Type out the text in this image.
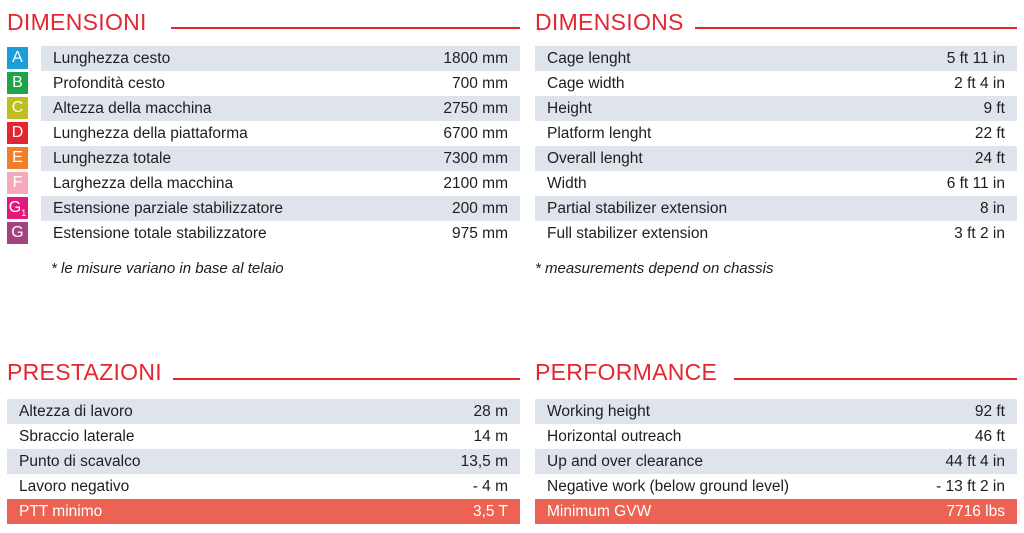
DIMENSIONI
A	Lunghezza cesto	1800 mm
B	Profondità cesto	700 mm
C	Altezza della macchina	2750 mm
D	Lunghezza della piattaforma	6700 mm
E	Lunghezza totale	7300 mm
F	Larghezza della macchina	2100 mm
$G_1$ Estensione parziale stabilizzatore	200 mm
G Estensione totale stabilizzatore	975 mm
* le misure variano in base al telaio
DIMENSIONS
Cage lenght	5 ft 11 in
Cage width	2 ft 4 in
Height	9 ft
Platform lenght	22 ft
Overall lenght	24 ft
Width	6 ft 11 in
Partial stabilizer extension	8 in
Full stabilizer extension	3 ft 2 in
* measurements depend on chassis
PRESTAZIONI
Altezza di lavoro	28 m
Sbraccio laterale	14 m
Punto di scavalco	13,5 m
Lavoro negativo	- 4 m
PTT minimo	3,5 T
PERFORMANCE
Working height	92 ft
Horizontal outreach	46 ft
Up and over clearance	44 ft 4 in
Negative work (below ground level)	- 13 ft 2 in
Minimum GVW	7716 lbs
